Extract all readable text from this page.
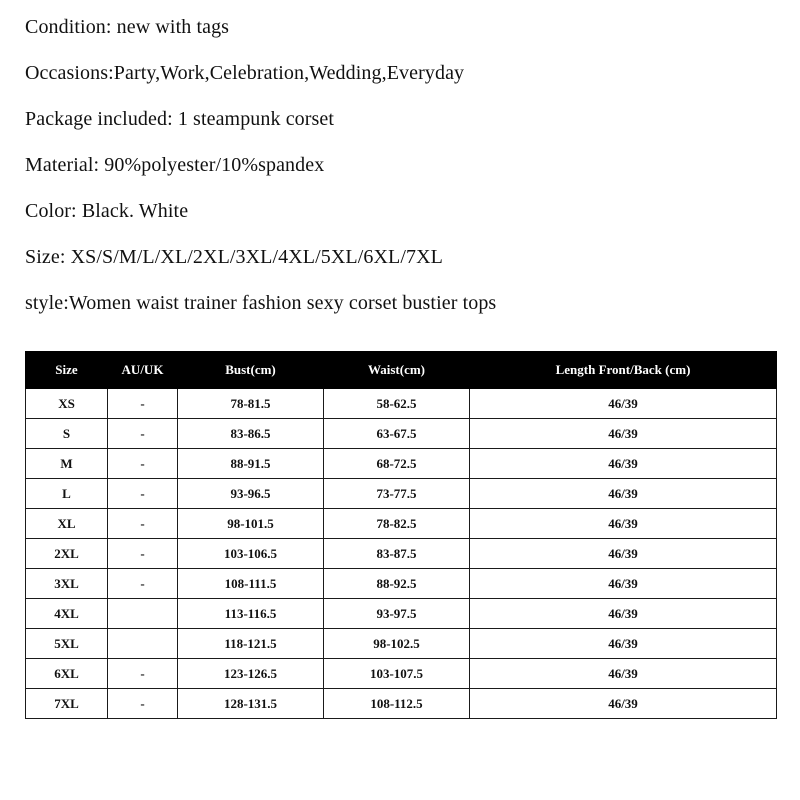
Condition: new with tags
Occasions:Party,Work,Celebration,Wedding,Everyday
Package included: 1 steampunk corset
Material: 90%polyester/10%spandex
Color: Black. White
Size: XS/S/M/L/XL/2XL/3XL/4XL/5XL/6XL/7XL
style:Women waist trainer fashion sexy corset bustier tops
Size	AU/UK	Bust(cm)	Waist(cm)	Length Front/Back (cm)
XS	-	78-81.5	58-62.5	46/39
S	-	83-86.5	63-67.5	46/39
M	-	88-91.5	68-72.5	46/39
L	-	93-96.5	73-77.5	46/39
XL	-	98-101.5	78-82.5	46/39
2XL	-	103-106.5	83-87.5	46/39
3XL	-	108-111.5	88-92.5	46/39
4XL		113-116.5	93-97.5	46/39
5XL		118-121.5	98-102.5	46/39
6XL	-	123-126.5	103-107.5	46/39
7XL	-	128-131.5	108-112.5	46/39
